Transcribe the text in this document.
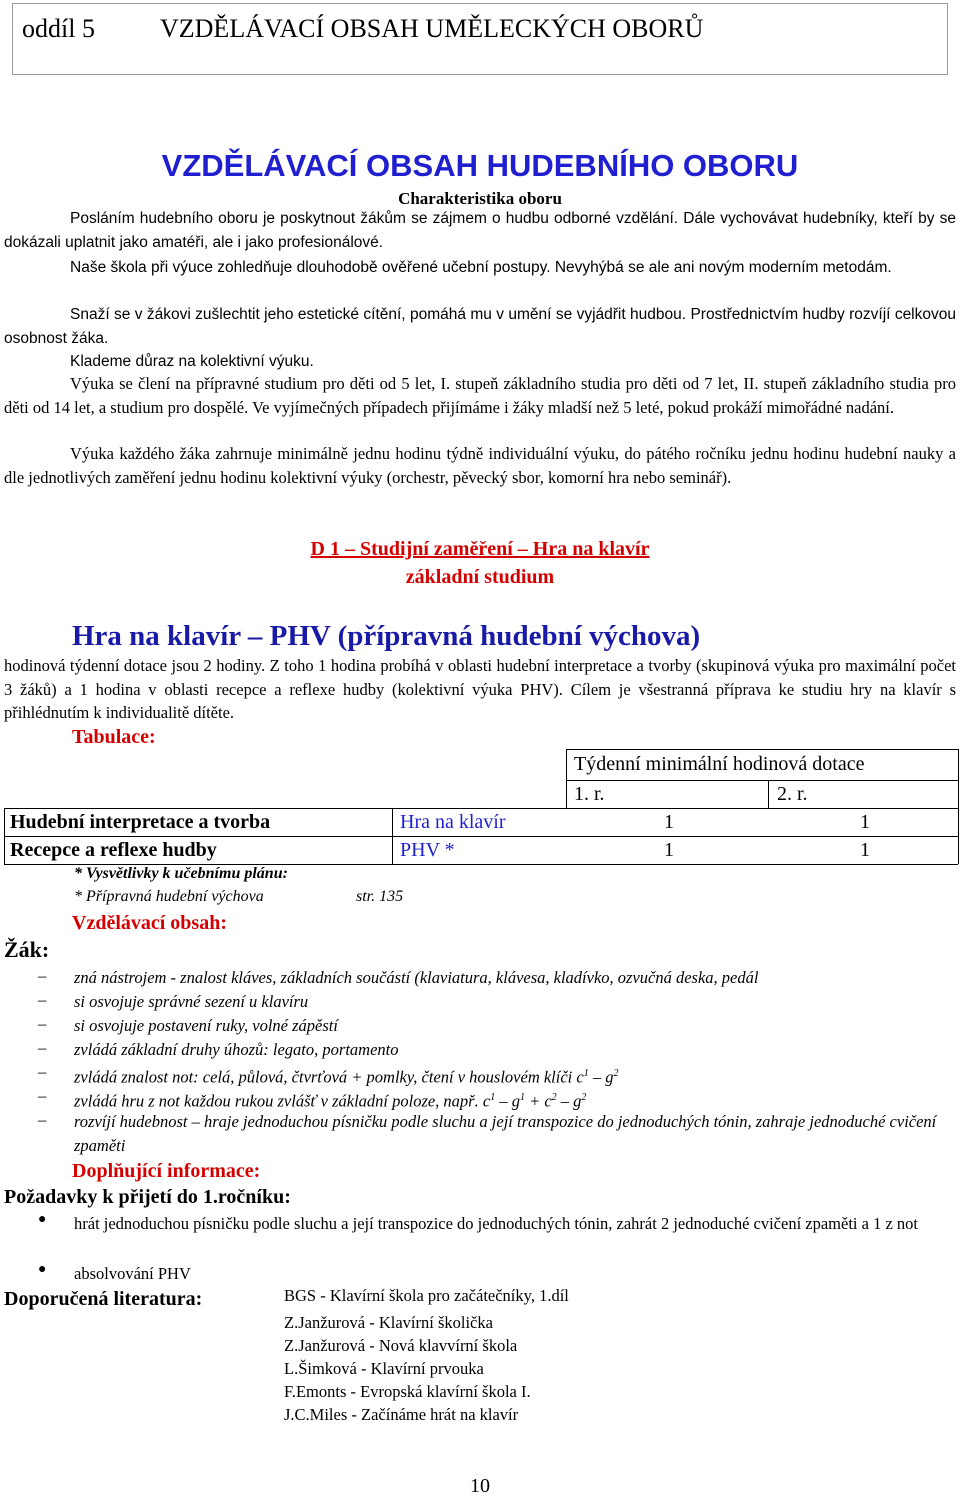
oddíl 5	VZDĚLÁVACÍ OBSAH UMĚLECKÝCH OBORŮ
VZDĚLÁVACÍ OBSAH HUDEBNÍHO OBORU
Charakteristika oboru
Posláním hudebního oboru je poskytnout žákům se zájmem o hudbu odborné vzdělání. Dále vychovávat hudebníky, kteří by se dokázali uplatnit jako amatéři, ale i jako profesionálové.
Naše škola při výuce zohledňuje dlouhodobě ověřené učební postupy. Nevyhýbá se ale ani novým moderním metodám.
Snaží se v žákovi zušlechtit jeho estetické cítění, pomáhá mu v umění se vyjádřit hudbou. Prostřednictvím hudby rozvíjí celkovou osobnost žáka.
Klademe důraz na kolektivní výuku.
Výuka se člení na přípravné studium pro děti od 5 let, I. stupeň základního studia pro děti od 7 let, II. stupeň základního studia pro děti od 14 let, a studium pro dospělé. Ve vyjímečných případech přijímáme i žáky mladší než 5 leté, pokud prokáží mimořádné nadání.
Výuka každého žáka zahrnuje minimálně jednu hodinu týdně individuální výuku, do pátého ročníku jednu hodinu hudební nauky a dle jednotlivých zaměření jednu hodinu kolektivní výuky (orchestr, pěvecký sbor, komorní hra nebo seminář).
D 1 – Studijní zaměření – Hra na klavír
základní studium
Hra na klavír – PHV (přípravná hudební výchova)
hodinová týdenní dotace jsou 2 hodiny. Z toho 1 hodina probíhá v oblasti hudební interpretace a tvorby (skupinová výuka pro maximální počet 3 žáků) a 1 hodina v oblasti recepce a reflexe hudby (kolektivní výuka PHV). Cílem je všestranná příprava ke studiu hry na klavír s přihlédnutím k individualitě dítěte.
Tabulace:
Týdenní minimální hodinová dotace
1. r.	2. r.
Hudební interpretace a tvorba	Hra na klavír	1	1
Recepce a reflexe hudby	PHV *	1	1
* Vysvětlivky k učebnímu plánu:
* Přípravná hudební výchova	str. 135
Vzdělávací obsah:
Žák:
– zná nástrojem - znalost kláves, základních součástí (klaviatura, klávesa, kladívko, ozvučná deska, pedál
– si osvojuje správné sezení u klavíru
– si osvojuje postavení ruky, volné zápěstí
– zvládá základní druhy úhozů: legato, portamento
– zvládá znalost not: celá, půlová, čtvrťová + pomlky, čtení v houslovém klíči $c^1 - g^2$
– zvládá hru z not každou rukou zvlášť v základní poloze, např. $c^1 - g^1 + c^2 - g^2$
– rozvíjí hudebnost – hraje jednoduchou písničku podle sluchu a její transpozice do jednoduchých tónin, zahraje jednoduché cvičení zpaměti
Doplňující informace:
Požadavky k přijetí do 1.ročníku:
● hrát jednoduchou písničku podle sluchu a její transpozice do jednoduchých tónin, zahrát 2 jednoduché cvičení zpaměti a 1 z not
● absolvování PHV
Doporučená literatura:	BGS - Klavírní škola pro začátečníky, 1.díl
Z.Janžurová - Klavírní školička
Z.Janžurová - Nová klavvírní škola
L.Šimková - Klavírní prvouka
F.Emonts - Evropská klavírní škola I.
J.C.Miles - Začínáme hrát na klavír
10
